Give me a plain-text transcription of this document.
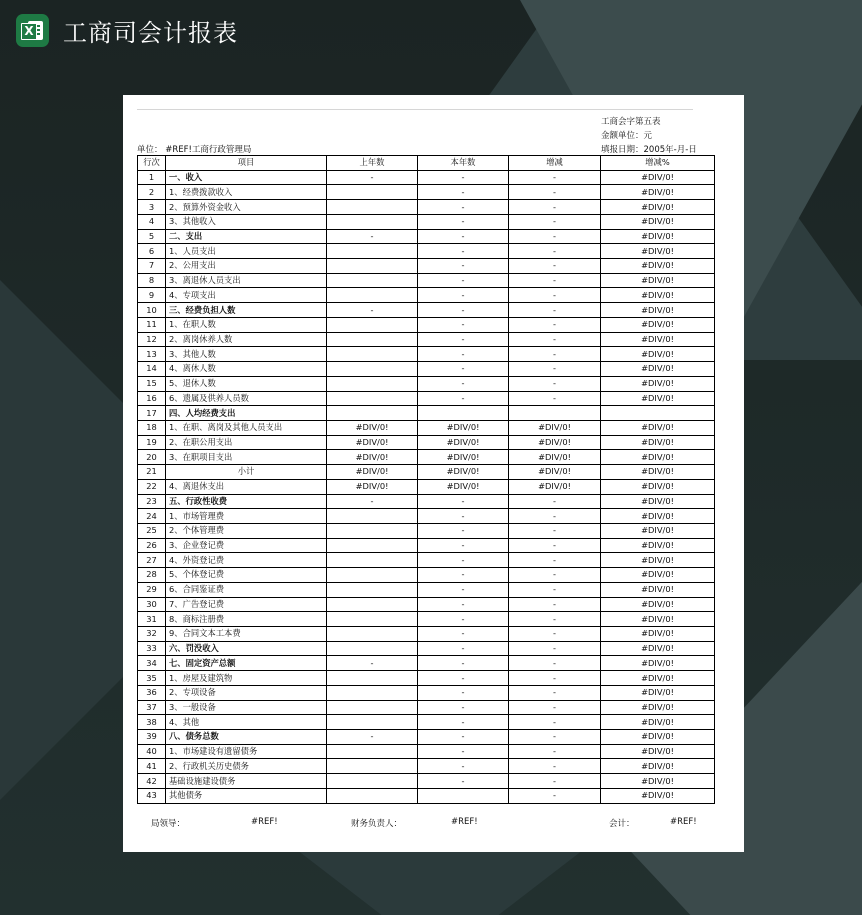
X 工商司会计报表
工商会字第五表
金额单位：元
单位： #REF!工商行政管理局	填报日期：2005年-月-日
行次	项目	上年数	本年数	增减	增减%
1	一、收入	-	-	-	#DIV/0!
2	1、经费拨款收入		-	-	#DIV/0!
3	2、预算外资金收入		-	-	#DIV/0!
4	3、其他收入		-	-	#DIV/0!
5	二、支出	-	-	-	#DIV/0!
6	1、人员支出		-	-	#DIV/0!
7	2、公用支出		-	-	#DIV/0!
8	3、离退休人员支出		-	-	#DIV/0!
9	4、专项支出		-	-	#DIV/0!
10	三、经费负担人数	-	-	-	#DIV/0!
11	1、在职人数		-	-	#DIV/0!
12	2、离岗休养人数		-	-	#DIV/0!
13	3、其他人数		-	-	#DIV/0!
14	4、离休人数		-	-	#DIV/0!
15	5、退休人数		-	-	#DIV/0!
16	6、遗属及供养人员数		-	-	#DIV/0!
17	四、人均经费支出				
18	1、在职、离岗及其他人员支出	#DIV/0!	#DIV/0!	#DIV/0!	#DIV/0!
19	2、在职公用支出	#DIV/0!	#DIV/0!	#DIV/0!	#DIV/0!
20	3、在职项目支出	#DIV/0!	#DIV/0!	#DIV/0!	#DIV/0!
21	小计	#DIV/0!	#DIV/0!	#DIV/0!	#DIV/0!
22	4、离退休支出	#DIV/0!	#DIV/0!	#DIV/0!	#DIV/0!
23	五、行政性收费	-	-	-	#DIV/0!
24	1、市场管理费		-	-	#DIV/0!
25	2、个体管理费		-	-	#DIV/0!
26	3、企业登记费		-	-	#DIV/0!
27	4、外资登记费		-	-	#DIV/0!
28	5、个体登记费		-	-	#DIV/0!
29	6、合同鉴证费		-	-	#DIV/0!
30	7、广告登记费		-	-	#DIV/0!
31	8、商标注册费		-	-	#DIV/0!
32	9、合同文本工本费		-	-	#DIV/0!
33	六、罚没收入		-	-	#DIV/0!
34	七、固定资产总额	-	-	-	#DIV/0!
35	1、房屋及建筑物		-	-	#DIV/0!
36	2、专项设备		-	-	#DIV/0!
37	3、一般设备		-	-	#DIV/0!
38	4、其他		-	-	#DIV/0!
39	八、债务总数	-	-	-	#DIV/0!
40	1、市场建设有遗留债务		-	-	#DIV/0!
41	2、行政机关历史债务		-	-	#DIV/0!
42	基础设施建设债务		-	-	#DIV/0!
43	其他债务			-	#DIV/0!
局领导：	#REF!	财务负责人：	#REF!	会计：	#REF!
